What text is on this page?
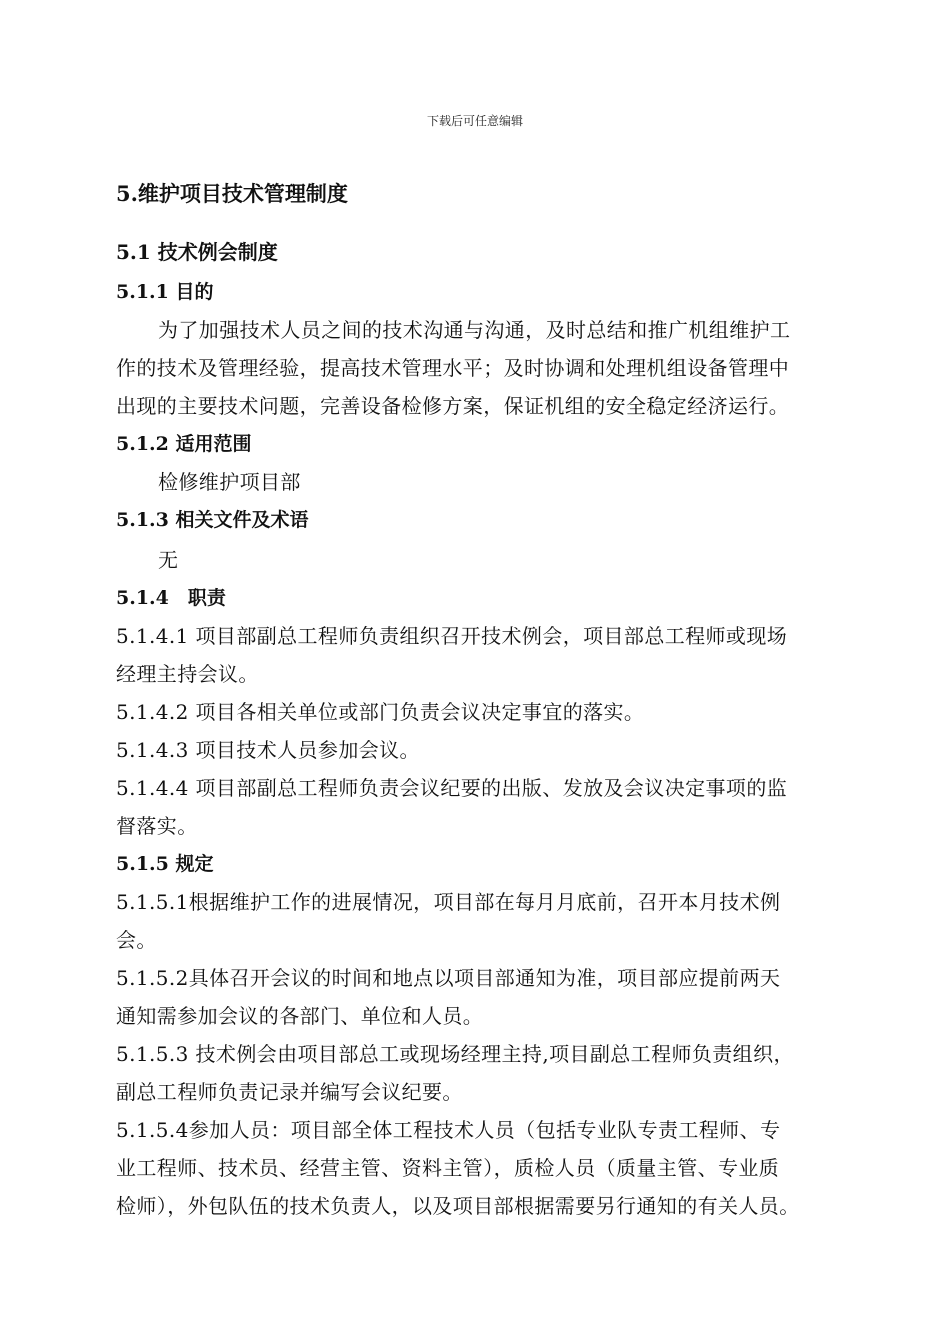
下载后可任意编辑
5.维护项目技术管理制度
5.1 技术例会制度
5.1.1 目的
为了加强技术人员之间的技术沟通与沟通，及时总结和推广机组维护工
作的技术及管理经验，提高技术管理水平；及时协调和处理机组设备管理中
出现的主要技术问题，完善设备检修方案，保证机组的安全稳定经济运行。
5.1.2 适用范围
检修维护项目部
5.1.3 相关文件及术语
无
5.1.4　职责
5.1.4.1 项目部副总工程师负责组织召开技术例会，项目部总工程师或现场
经理主持会议。
5.1.4.2 项目各相关单位或部门负责会议决定事宜的落实。
5.1.4.3 项目技术人员参加会议。
5.1.4.4 项目部副总工程师负责会议纪要的出版、发放及会议决定事项的监
督落实。
5.1.5 规定
5.1.5.1根据维护工作的进展情况，项目部在每月月底前，召开本月技术例
会。
5.1.5.2具体召开会议的时间和地点以项目部通知为准，项目部应提前两天
通知需参加会议的各部门、单位和人员。
5.1.5.3 技术例会由项目部总工或现场经理主持,项目副总工程师负责组织，
副总工程师负责记录并编写会议纪要。
5.1.5.4参加人员：项目部全体工程技术人员（包括专业队专责工程师、专
业工程师、技术员、经营主管、资料主管），质检人员（质量主管、专业质
检师），外包队伍的技术负责人，以及项目部根据需要另行通知的有关人员。
